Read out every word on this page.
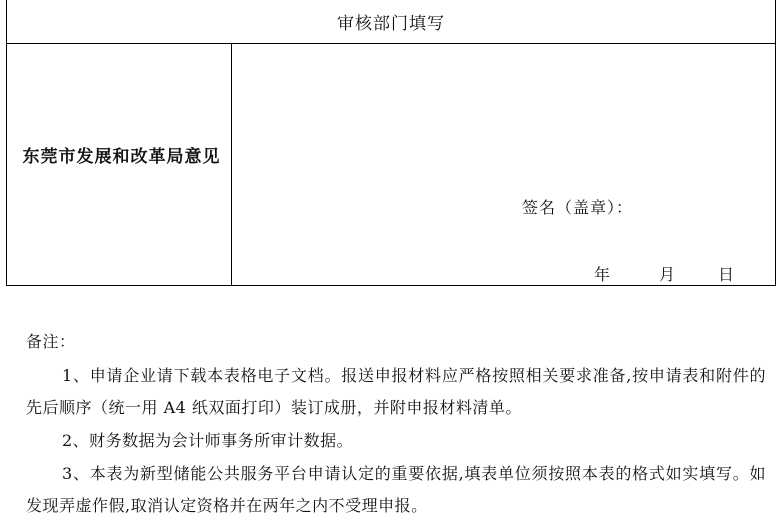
审核部门填写
东莞市发展和改革局意见
签名（盖章）：
年	月	日
备注：
1、申请企业请下载本表格电子文档。报送申报材料应严格按照相关要求准备,按申请表和附件的先后顺序（统一用 A4 纸双面打印）装订成册，并附申报材料清单。
2、财务数据为会计师事务所审计数据。
3、本表为新型储能公共服务平台申请认定的重要依据,填表单位须按照本表的格式如实填写。如发现弄虚作假,取消认定资格并在两年之内不受理申报。
